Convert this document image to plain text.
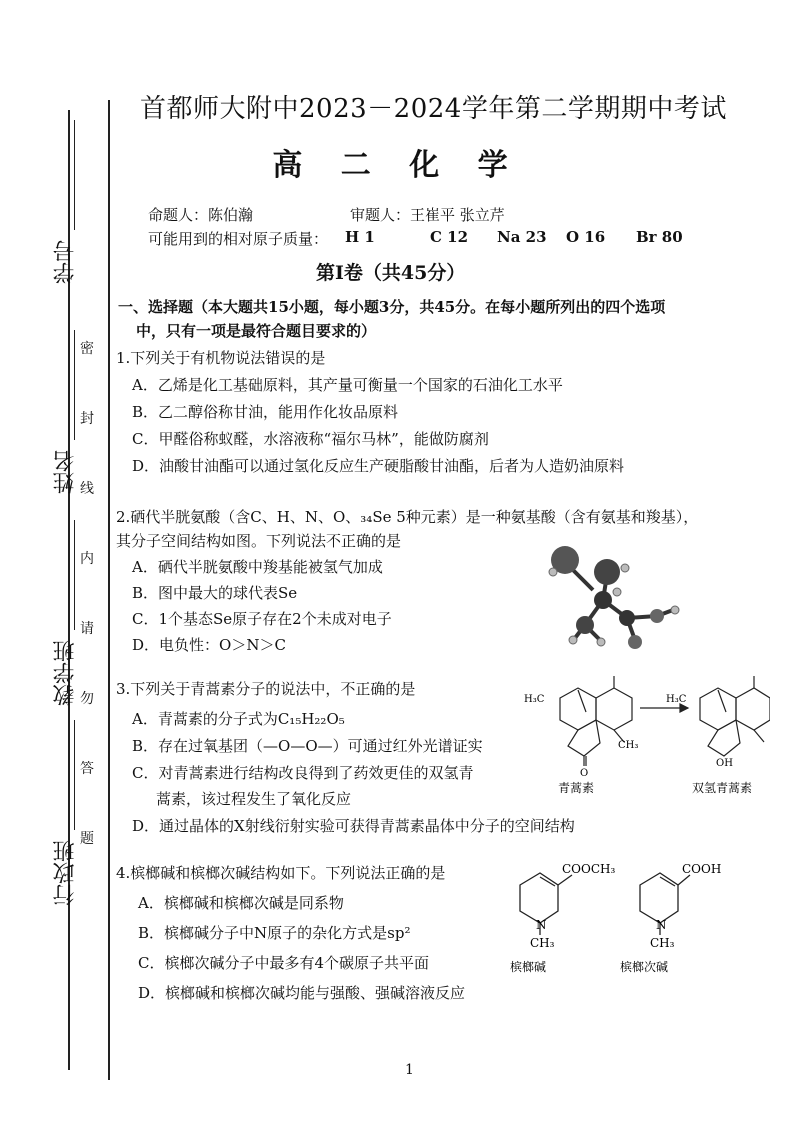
学号
姓名
教学班
行政班
密
封
线
内
请
勿
答
题
首都师大附中2023－2024学年第二学期期中考试
高 二 化 学
命题人：陈伯瀚	审题人：王崔平 张立芹
可能用到的相对原子质量： H 1	C 12 Na 23 O 16 Br 80
第Ⅰ卷（共45分）
一、选择题（本大题共15小题，每小题3分，共45分。在每小题所列出的四个选项
中，只有一项是最符合题目要求的）
1.下列关于有机物说法错误的是
A．乙烯是化工基础原料，其产量可衡量一个国家的石油化工水平
B．乙二醇俗称甘油，能用作化妆品原料
C．甲醛俗称蚁醛，水溶液称“福尔马林”，能做防腐剂
D．油酸甘油酯可以通过氢化反应生产硬脂酸甘油酯，后者为人造奶油原料
2.硒代半胱氨酸（含C、H、N、O、₃₄Se 5种元素）是一种氨基酸（含有氨基和羧基），
其分子空间结构如图。下列说法不正确的是
A．硒代半胱氨酸中羧基能被氢气加成
B．图中最大的球代表Se
C．1个基态Se原子存在2个未成对电子
D．电负性：O＞N＞C
3.下列关于青蒿素分子的说法中，不正确的是
A．青蒿素的分子式为C₁₅H₂₂O₅
B．存在过氧基团（—O—O—）可通过红外光谱证实
C．对青蒿素进行结构改良得到了药效更佳的双氢青
蒿素，该过程发生了氧化反应
D．通过晶体的X射线衍射实验可获得青蒿素晶体中分子的空间结构
H₃C
CH₃
O
H₃C
OH
青蒿素	双氢青蒿素
4.槟榔碱和槟榔次碱结构如下。下列说法正确的是
A．槟榔碱和槟榔次碱是同系物
B．槟榔碱分子中N原子的杂化方式是sp²
C．槟榔次碱分子中最多有4个碳原子共平面
D．槟榔碱和槟榔次碱均能与强酸、强碱溶液反应
COOCH₃
N
CH₃
COOH
N
CH₃
槟榔碱	槟榔次碱
1
